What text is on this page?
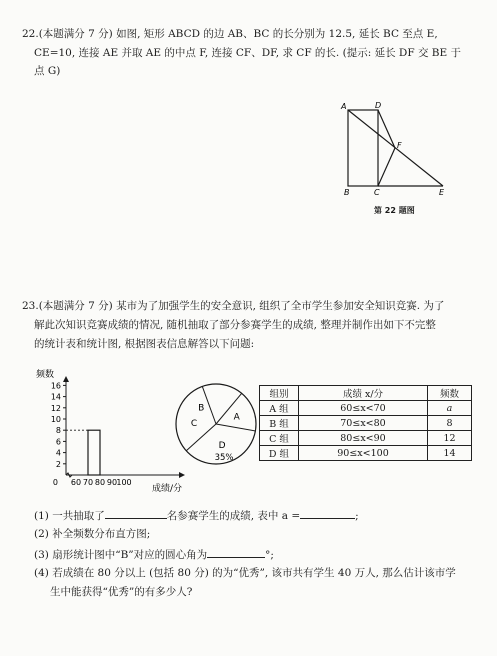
22.(本题满分 7 分) 如图, 矩形 ABCD 的边 AB、BC 的长分别为 12.5, 延长 BC 至点 E,
CE=10, 连接 AE 并取 AE 的中点 F, 连接 CF、DF, 求 CF 的长. (提示: 延长 DF 交 BE 于
点 G)
A	D
F
B	C	E
第 22 题图
23.(本题满分 7 分) 某市为了加强学生的安全意识, 组织了全市学生参加安全知识竞赛. 为了
解此次知识竞赛成绩的情况, 随机抽取了部分参赛学生的成绩, 整理并制作出如下不完整
的统计表和统计图, 根据图表信息解答以下问题:
频数
成绩/分
2
4
6
8
10
12
14
16
0 60 70 80 90 100
A
B
C
D
35%
组别	成绩 x/分	频数
A 组	60≤x<70	a
B 组	70≤x<80	8
C 组	80≤x<90	12
D 组	90≤x<100	14
(1) 一共抽取了	名参赛学生的成绩, 表中 a =	;
(2) 补全频数分布直方图;
(3) 扇形统计图中“B”对应的圆心角为	°;
(4) 若成绩在 80 分以上 (包括 80 分) 的为“优秀”, 该市共有学生 40 万人, 那么估计该市学
生中能获得“优秀”的有多少人?
